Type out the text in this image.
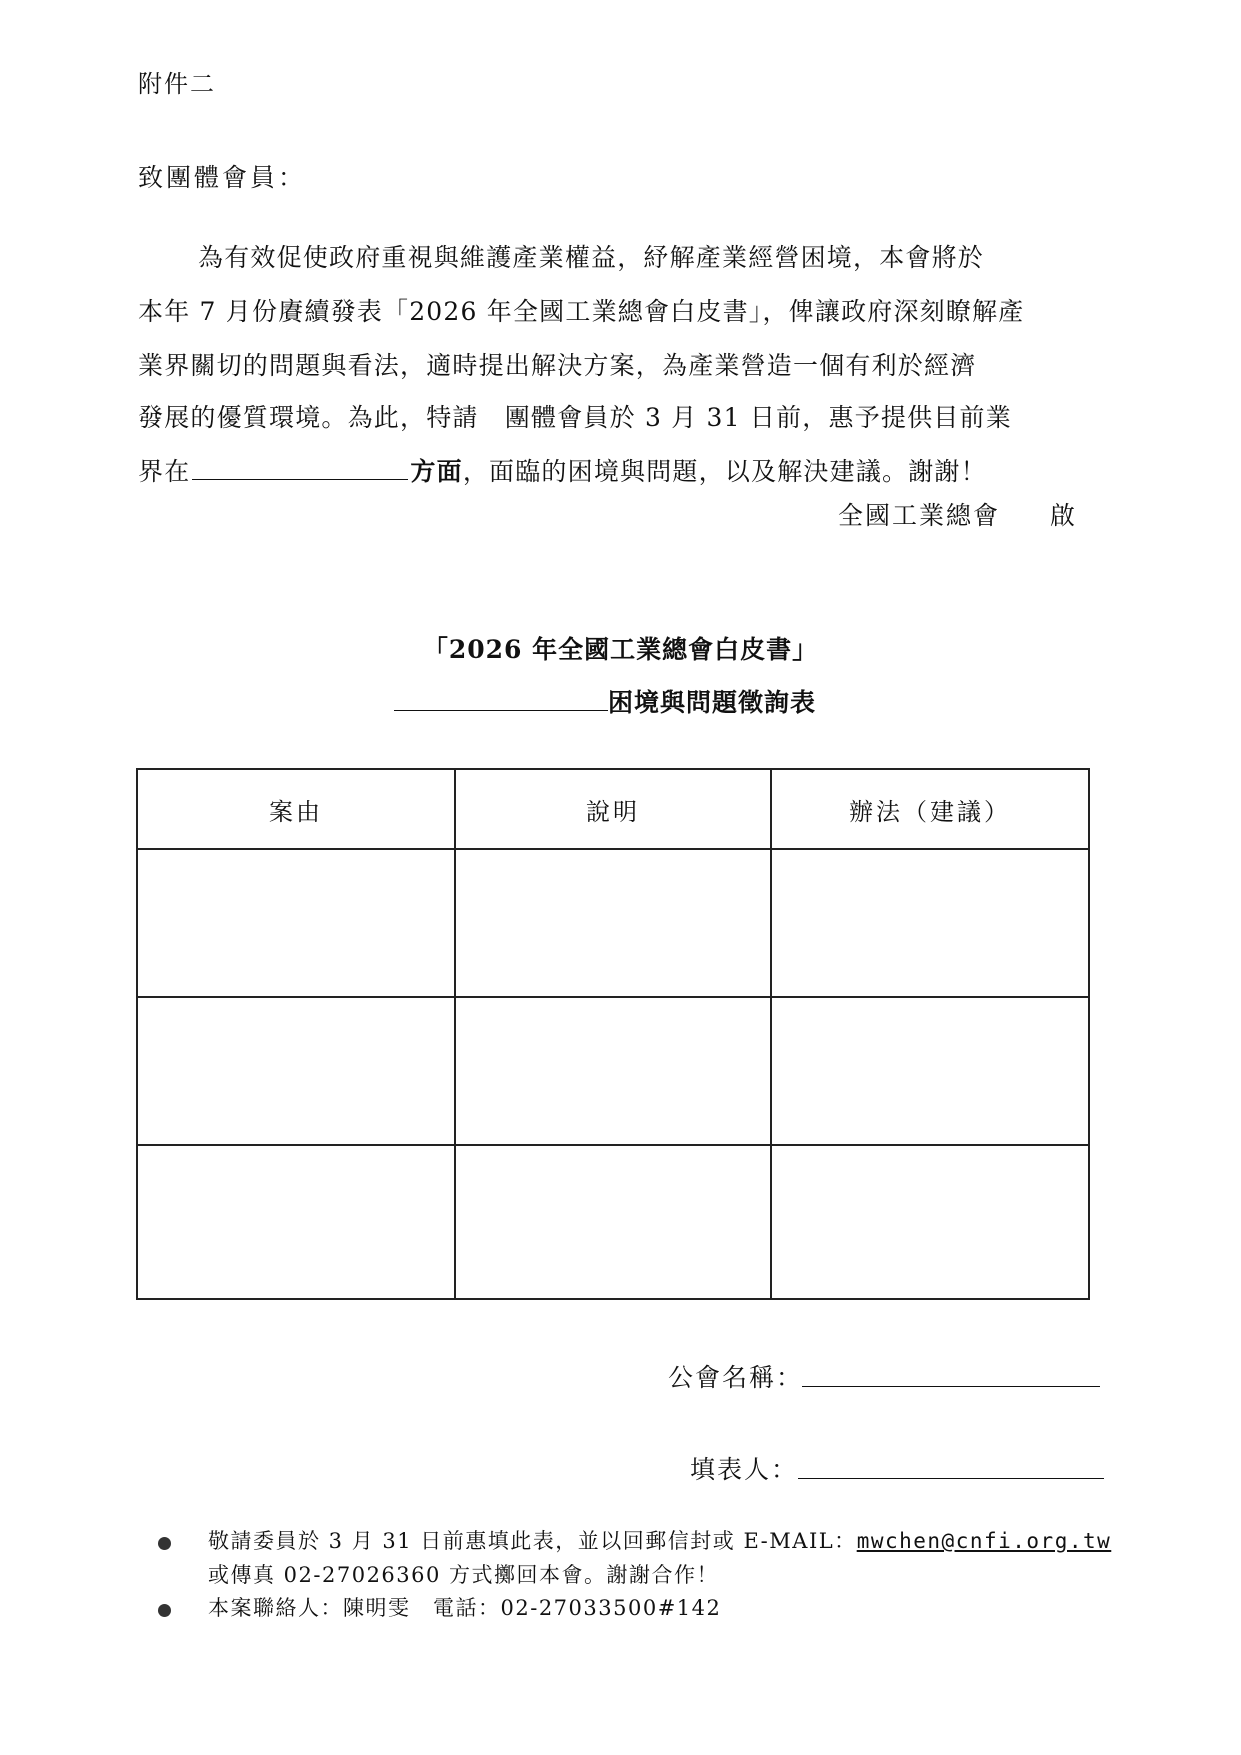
附件二
致團體會員：
為有效促使政府重視與維護產業權益，紓解產業經營困境，本會將於
本年 7 月份賡續發表「2026 年全國工業總會白皮書」，俾讓政府深刻瞭解產
業界關切的問題與看法，適時提出解決方案，為產業營造一個有利於經濟
發展的優質環境。為此，特請　團體會員於 3 月 31 日前，惠予提供目前業
界在	方面，面臨的困境與問題，以及解決建議。謝謝！
全國工業總會 啟
「2026 年全國工業總會白皮書」
困境與問題徵詢表
案由	說明	辦法（建議）
公會名稱：
填表人：
敬請委員於 3 月 31 日前惠填此表，並以回郵信封或 E-MAIL：mwchen@cnfi.org.tw
或傳真 02-27026360 方式擲回本會。謝謝合作！
本案聯絡人：陳明雯　電話：02-27033500#142
